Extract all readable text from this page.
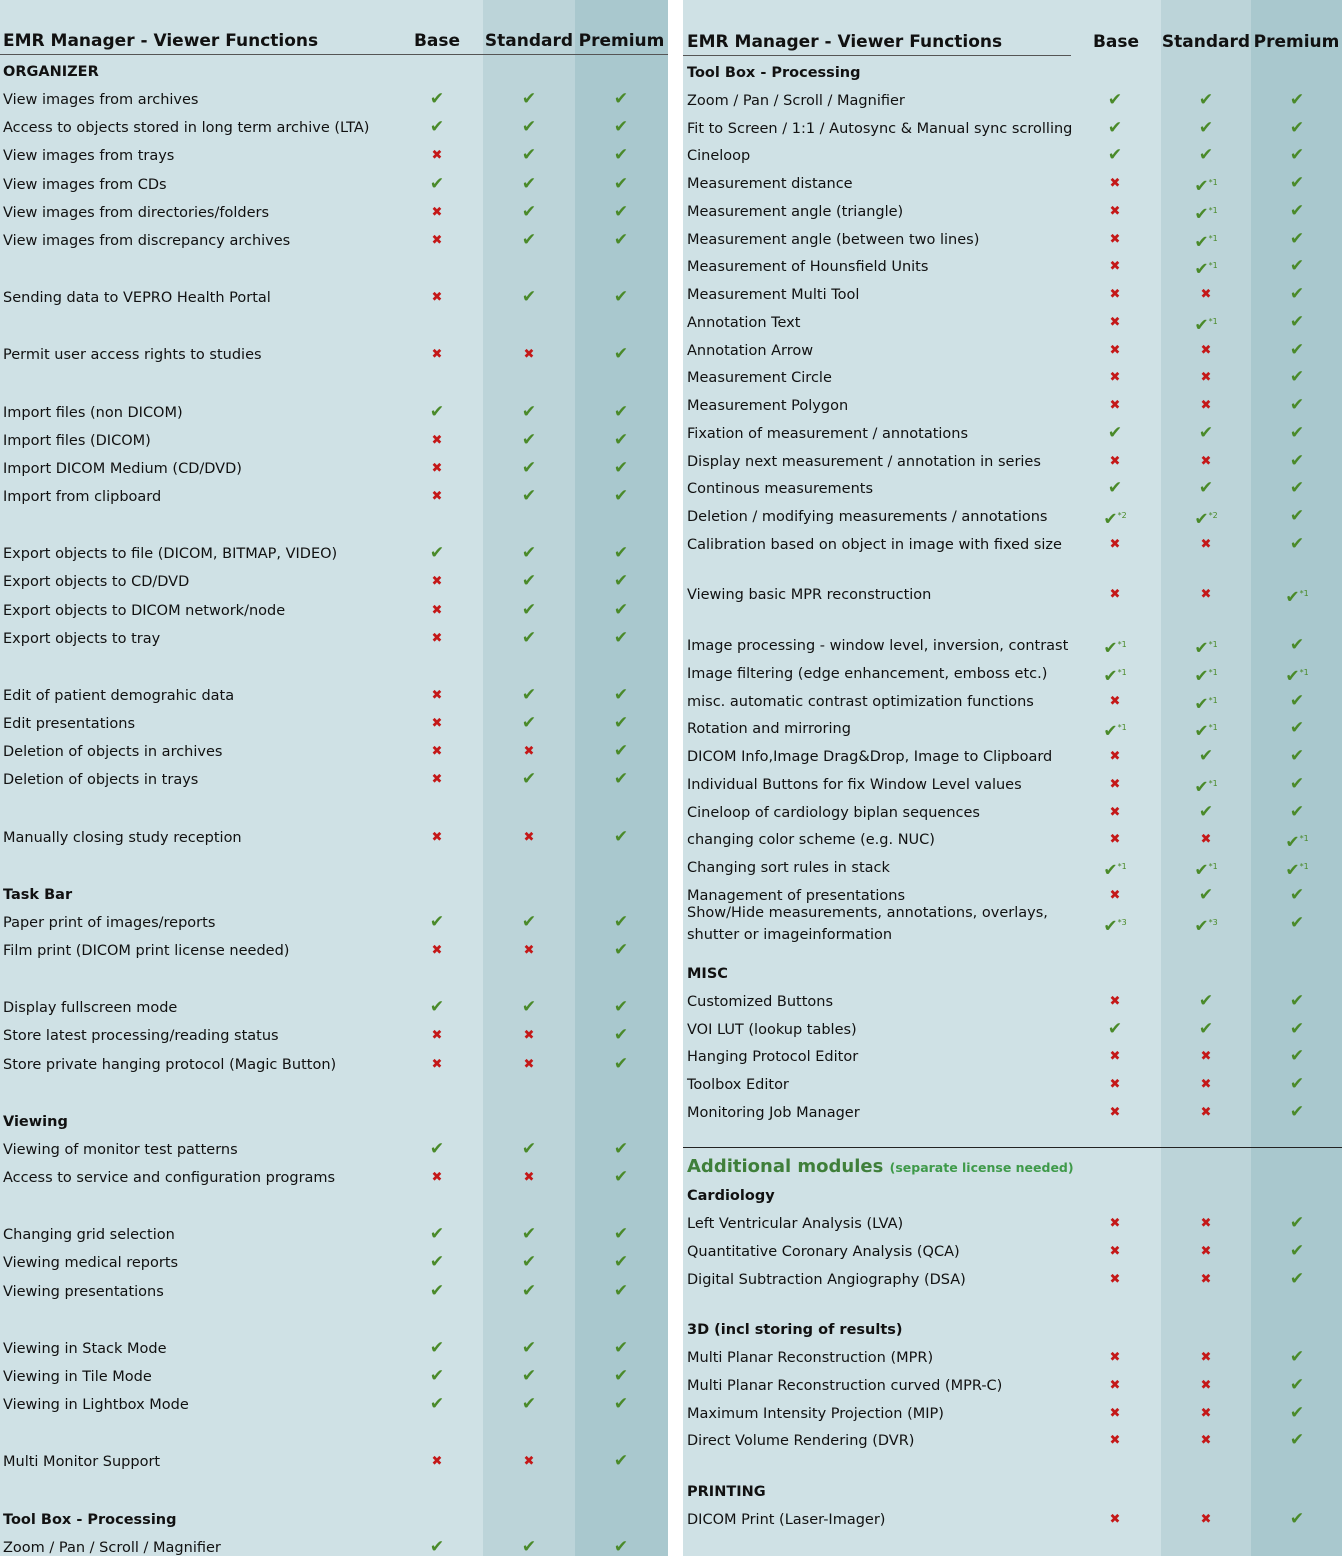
EMR Manager - Viewer Functions	Base	Standard Premium
ORGANIZER
View images from archives	✔	✔	✔
Access to objects stored in long term archive (LTA)	✔	✔	✔
View images from trays	✖	✔	✔
View images from CDs	✔	✔	✔
View images from directories/folders	✖	✔	✔
View images from discrepancy archives	✖	✔	✔
Sending data to VEPRO Health Portal	✖	✔	✔
Permit user access rights to studies	✖	✖	✔
Import files (non DICOM)	✔	✔	✔
Import files (DICOM)	✖	✔	✔
Import DICOM Medium (CD/DVD)	✖	✔	✔
Import from clipboard	✖	✔	✔
Export objects to file (DICOM, BITMAP, VIDEO)	✔	✔	✔
Export objects to CD/DVD	✖	✔	✔
Export objects to DICOM network/node	✖	✔	✔
Export objects to tray	✖	✔	✔
Edit of patient demograhic data	✖	✔	✔
Edit presentations	✖	✔	✔
Deletion of objects in archives	✖	✖	✔
Deletion of objects in trays	✖	✔	✔
Manually closing study reception	✖	✖	✔
Task Bar
Paper print of images/reports	✔	✔	✔
Film print (DICOM print license needed)	✖	✖	✔
Display fullscreen mode	✔	✔	✔
Store latest processing/reading status	✖	✖	✔
Store private hanging protocol (Magic Button)	✖	✖	✔
Viewing
Viewing of monitor test patterns	✔	✔	✔
Access to service and configuration programs	✖	✖	✔
Changing grid selection	✔	✔	✔
Viewing medical reports	✔	✔	✔
Viewing presentations	✔	✔	✔
Viewing in Stack Mode	✔	✔	✔
Viewing in Tile Mode	✔	✔	✔
Viewing in Lightbox Mode	✔	✔	✔
Multi Monitor Support	✖	✖	✔
Tool Box - Processing
Zoom / Pan / Scroll / Magnifier	✔	✔	✔
EMR Manager - Viewer Functions	Base	Standard Premium
Tool Box - Processing
Zoom / Pan / Scroll / Magnifier	✔	✔	✔
Fit to Screen / 1:1 / Autosync & Manual sync scrolling	✔	✔	✔
Cineloop	✔	✔	✔
Measurement distance	✖	✔$^{*1}$	✔
Measurement angle (triangle)	✖	✔$^{*1}$	✔
Measurement angle (between two lines)	✖	✔$^{*1}$	✔
Measurement of Hounsfield Units	✖	✔$^{*1}$	✔
Measurement Multi Tool	✖	✖	✔
Annotation Text	✖	✔$^{*1}$	✔
Annotation Arrow	✖	✖	✔
Measurement Circle	✖	✖	✔
Measurement Polygon	✖	✖	✔
Fixation of measurement / annotations	✔	✔	✔
Display next measurement / annotation in series	✖	✖	✔
Continous measurements	✔	✔	✔
Deletion / modifying measurements / annotations	✔$^{*2}$	✔$^{*2}$	✔
Calibration based on object in image with fixed size	✖	✖	✔
Viewing basic MPR reconstruction	✖	✖	✔$^{*1}$
Image processing - window level, inversion, contrast	✔$^{*1}$	✔$^{*1}$	✔
Image filtering (edge enhancement, emboss etc.)	✔$^{*1}$	✔$^{*1}$	✔$^{*1}$
misc. automatic contrast optimization functions	✖	✔$^{*1}$	✔
Rotation and mirroring	✔$^{*1}$	✔$^{*1}$	✔
DICOM Info,Image Drag&Drop, Image to Clipboard	✖	✔	✔
Individual Buttons for fix Window Level values	✖	✔$^{*1}$	✔
Cineloop of cardiology biplan sequences	✖	✔	✔
changing color scheme (e.g. NUC)	✖	✖	✔$^{*1}$
Changing sort rules in stack	✔$^{*1}$	✔$^{*1}$	✔$^{*1}$
Management of presentations	✖	✔	✔
Show/Hide measurements, annotations, overlays,
shutter or imageinformation	✔$^{*3}$	✔$^{*3}$	✔
MISC
Customized Buttons	✖	✔	✔
VOI LUT (lookup tables)	✔	✔	✔
Hanging Protocol Editor	✖	✖	✔
Toolbox Editor	✖	✖	✔
Monitoring Job Manager	✖	✖	✔
Additional modules (separate license needed)
Cardiology
Left Ventricular Analysis (LVA)	✖	✖	✔
Quantitative Coronary Analysis (QCA)	✖	✖	✔
Digital Subtraction Angiography (DSA)	✖	✖	✔
3D (incl storing of results)
Multi Planar Reconstruction (MPR)	✖	✖	✔
Multi Planar Reconstruction curved (MPR-C)	✖	✖	✔
Maximum Intensity Projection (MIP)	✖	✖	✔
Direct Volume Rendering (DVR)	✖	✖	✔
PRINTING
DICOM Print (Laser-Imager)	✖	✖	✔
